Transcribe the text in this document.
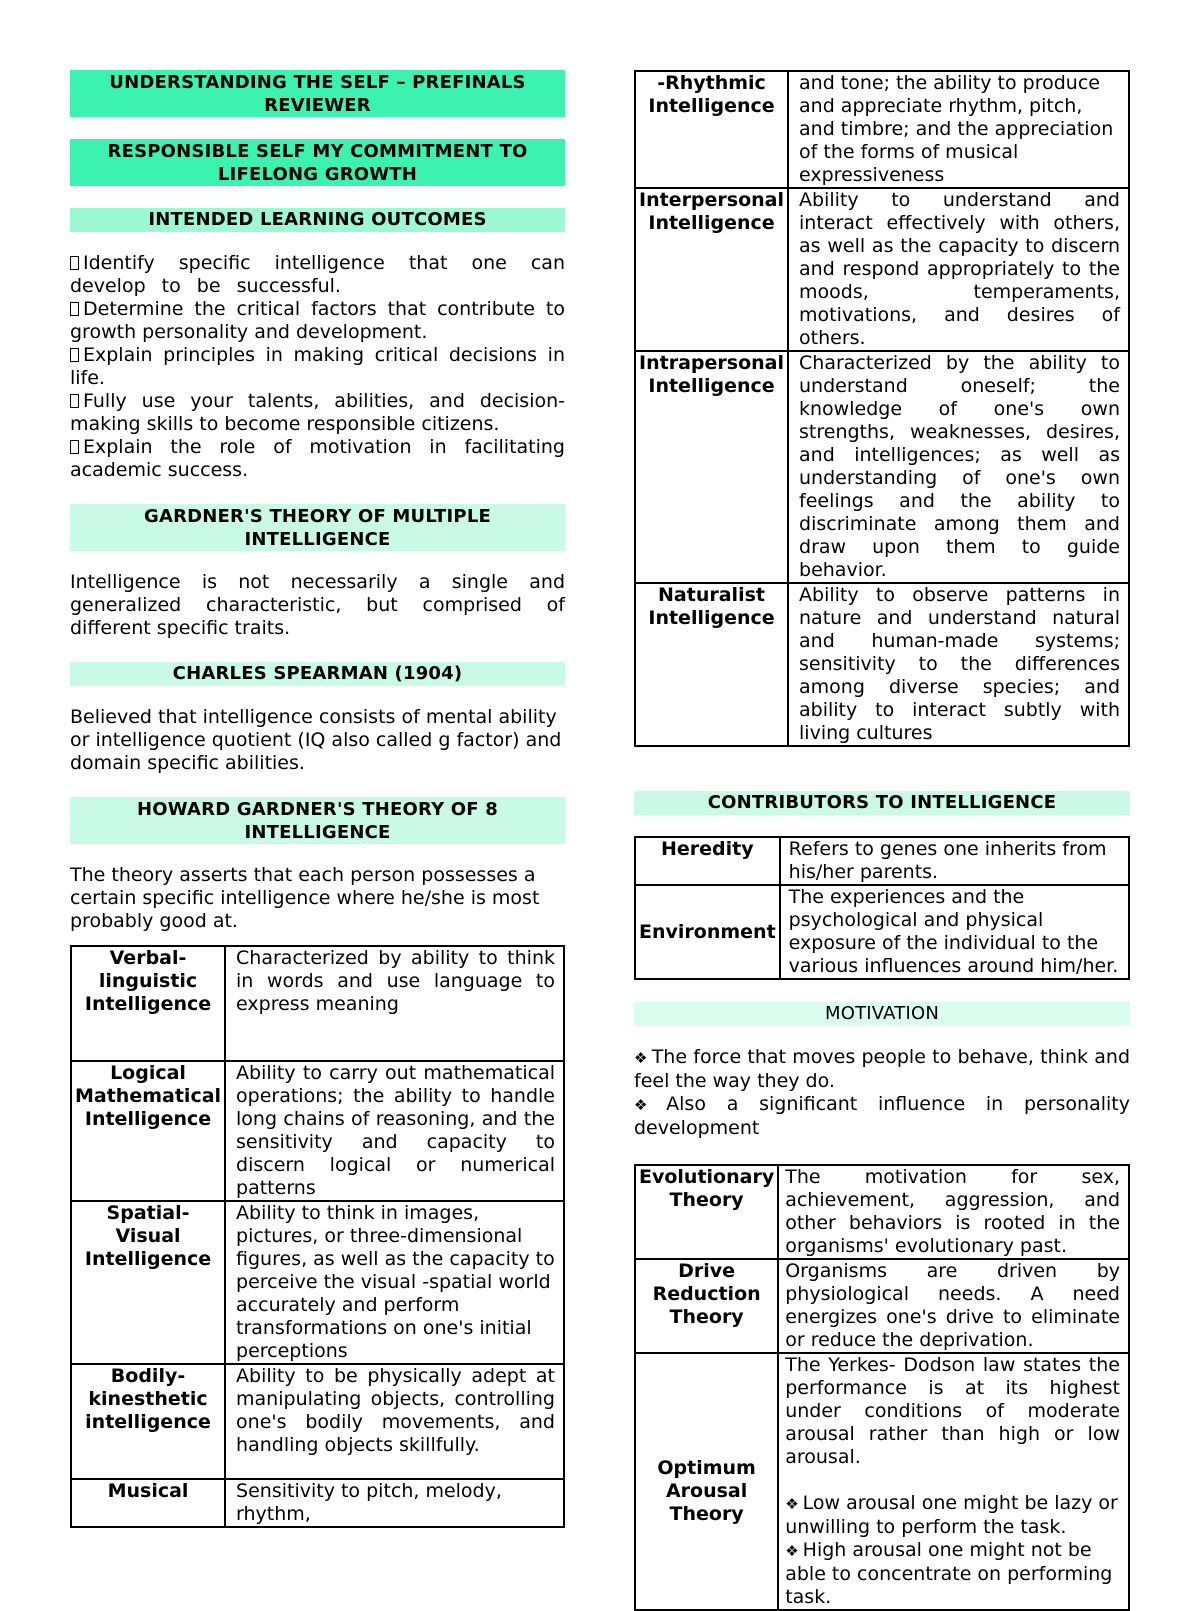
UNDERSTANDING THE SELF – PREFINALS REVIEWER
RESPONSIBLE SELF MY COMMITMENT TO LIFELONG GROWTH
INTENDED LEARNING OUTCOMES
Identify specific intelligence that one can develop to be successful.
Determine the critical factors that contribute to growth personality and development.
Explain principles in making critical decisions in life.
Fully use your talents, abilities, and decision-making skills to become responsible citizens.
Explain the role of motivation in facilitating academic success.
GARDNER'S THEORY OF MULTIPLE INTELLIGENCE
Intelligence is not necessarily a single and generalized characteristic, but comprised of different specific traits.
CHARLES SPEARMAN (1904)
Believed that intelligence consists of mental ability or intelligence quotient (IQ also called g factor) and domain specific abilities.
HOWARD GARDNER'S THEORY OF 8 INTELLIGENCE
The theory asserts that each person possesses a certain specific intelligence where he/she is most probably good at.
Verbal-linguistic Intelligence	Characterized by ability to think in words and use language to express meaning
Logical Mathematical Intelligence	Ability to carry out mathematical operations; the ability to handle long chains of reasoning, and the sensitivity and capacity to discern logical or numerical patterns
Spatial-Visual Intelligence	Ability to think in images, pictures, or three-dimensional figures, as well as the capacity to perceive the visual -spatial world accurately and perform transformations on one's initial perceptions
Bodily-kinesthetic intelligence	Ability to be physically adept at manipulating objects, controlling one's bodily movements, and handling objects skillfully.
Musical	Sensitivity to pitch, melody, rhythm,
-Rhythmic Intelligence	and tone; the ability to produce and appreciate rhythm, pitch, and timbre; and the appreciation of the forms of musical expressiveness
Interpersonal Intelligence	Ability to understand and interact effectively with others, as well as the capacity to discern and respond appropriately to the moods, temperaments, motivations, and desires of others.
Intrapersonal Intelligence	Characterized by the ability to understand oneself; the knowledge of one's own strengths, weaknesses, desires, and intelligences; as well as understanding of one's own feelings and the ability to discriminate among them and draw upon them to guide behavior.
Naturalist Intelligence	Ability to observe patterns in nature and understand natural and human-made systems; sensitivity to the differences among diverse species; and ability to interact subtly with living cultures
CONTRIBUTORS TO INTELLIGENCE
Heredity	Refers to genes one inherits from his/her parents.
Environment	The experiences and the psychological and physical exposure of the individual to the various influences around him/her.
MOTIVATION
❖ The force that moves people to behave, think and feel the way they do.
❖ Also a significant influence in personality development
Evolutionary Theory	The motivation for sex, achievement, aggression, and other behaviors is rooted in the organisms' evolutionary past.
Drive Reduction Theory	Organisms are driven by physiological needs. A need energizes one's drive to eliminate or reduce the deprivation.
Optimum Arousal Theory	The Yerkes- Dodson law states the performance is at its highest under conditions of moderate arousal rather than high or low arousal.
❖ Low arousal one might be lazy or unwilling to perform the task.
❖ High arousal one might not be able to concentrate on performing task.
